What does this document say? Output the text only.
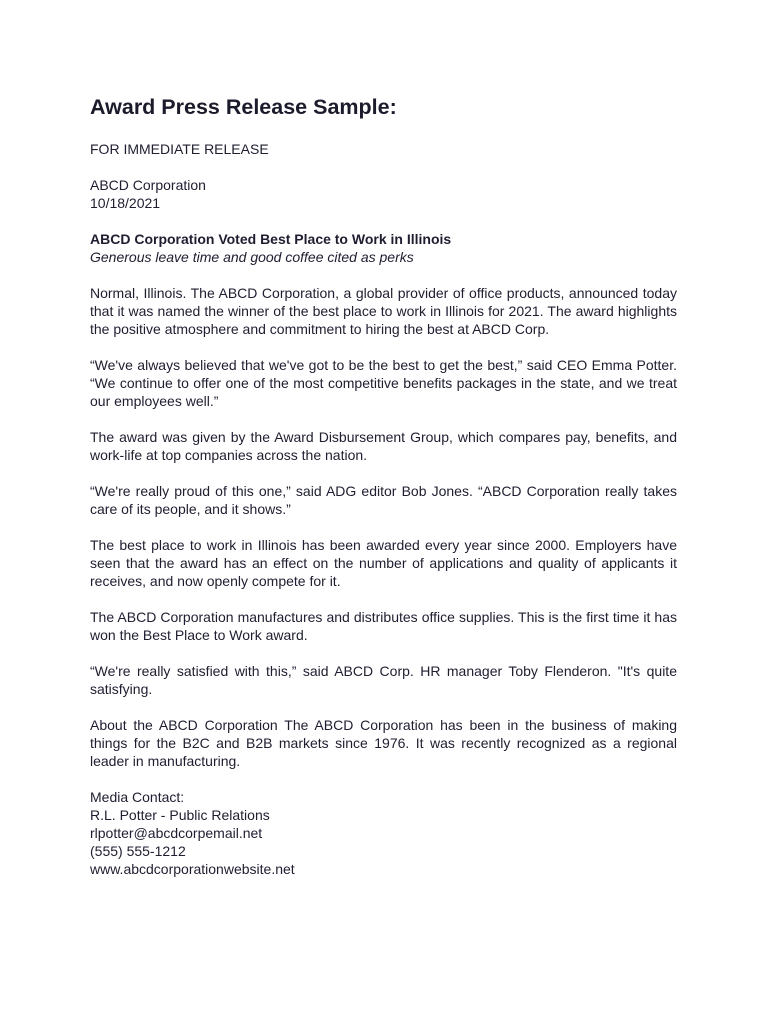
Award Press Release Sample:

FOR IMMEDIATE RELEASE

ABCD Corporation

10/18/2021

ABCD Corporation Voted Best Place to Work in Illinois

Generous leave time and good coffee cited as perks

Normal, Illinois. The ABCD Corporation, a global provider of office products, announced today that it was named the winner of the best place to work in Illinois for 2021. The award highlights the positive atmosphere and commitment to hiring the best at ABCD Corp.

“We've always believed that we've got to be the best to get the best,” said CEO Emma Potter. “We continue to offer one of the most competitive benefits packages in the state, and we treat our employees well.”

The award was given by the Award Disbursement Group, which compares pay, benefits, and work-life at top companies across the nation.

“We're really proud of this one,” said ADG editor Bob Jones. “ABCD Corporation really takes care of its people, and it shows.”

The best place to work in Illinois has been awarded every year since 2000. Employers have seen that the award has an effect on the number of applications and quality of applicants it receives, and now openly compete for it.

The ABCD Corporation manufactures and distributes office supplies. This is the first time it has won the Best Place to Work award.

“We're really satisfied with this,” said ABCD Corp. HR manager Toby Flenderon. "It's quite satisfying.

About the ABCD Corporation The ABCD Corporation has been in the business of making things for the B2C and B2B markets since 1976. It was recently recognized as a regional leader in manufacturing.

Media Contact:

R.L. Potter - Public Relations

rlpotter@abcdcorpemail.net

(555) 555-1212

www.abcdcorporationwebsite.net
